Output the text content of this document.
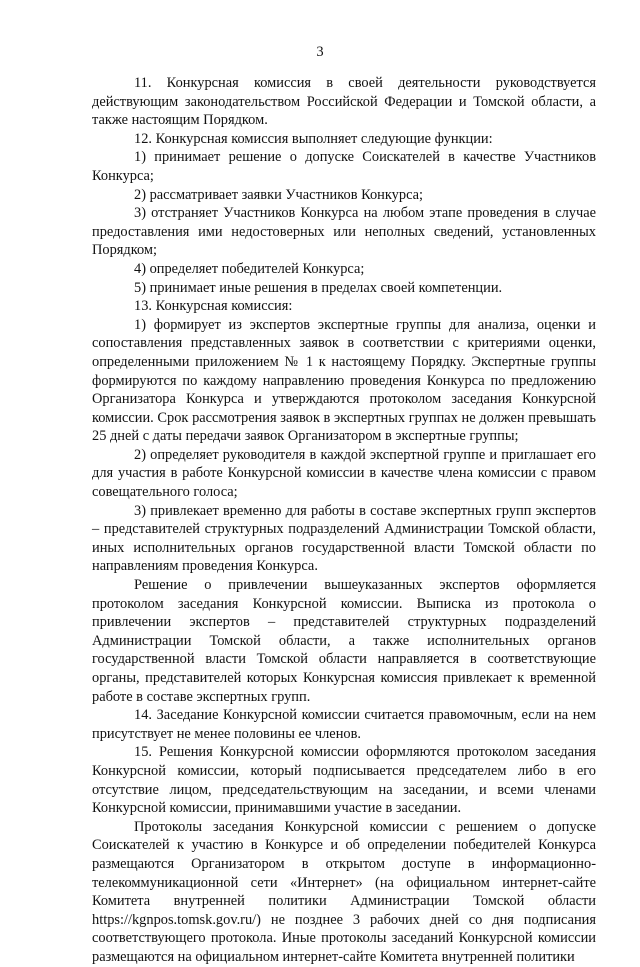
3

11. Конкурсная комиссия в своей деятельности руководствуется действующим законодательством Российской Федерации и Томской области, а также настоящим Порядком.

12. Конкурсная комиссия выполняет следующие функции:

1) принимает решение о допуске Соискателей в качестве Участников Конкурса;

2) рассматривает заявки Участников Конкурса;

3) отстраняет Участников Конкурса на любом этапе проведения в случае предоставления ими недостоверных или неполных сведений, установленных Порядком;

4) определяет победителей Конкурса;

5) принимает иные решения в пределах своей компетенции.

13. Конкурсная комиссия:

1) формирует из экспертов экспертные группы для анализа, оценки и сопоставления представленных заявок в соответствии с критериями оценки, определенными приложением № 1 к настоящему Порядку. Экспертные группы формируются по каждому направлению проведения Конкурса по предложению Организатора Конкурса и утверждаются протоколом заседания Конкурсной комиссии. Срок рассмотрения заявок в экспертных группах не должен превышать 25 дней с даты передачи заявок Организатором в экспертные группы;

2) определяет руководителя в каждой экспертной группе и приглашает его для участия в работе Конкурсной комиссии в качестве члена комиссии с правом совещательного голоса;

3) привлекает временно для работы в составе экспертных групп экспертов – представителей структурных подразделений Администрации Томской области, иных исполнительных органов государственной власти Томской области по направлениям проведения Конкурса.

Решение о привлечении вышеуказанных экспертов оформляется протоколом заседания Конкурсной комиссии. Выписка из протокола о привлечении экспертов – представителей структурных подразделений Администрации Томской области, а также исполнительных органов государственной власти Томской области направляется в соответствующие органы, представителей которых Конкурсная комиссия привлекает к временной работе в составе экспертных групп.

14. Заседание Конкурсной комиссии считается правомочным, если на нем присутствует не менее половины ее членов.

15. Решения Конкурсной комиссии оформляются протоколом заседания Конкурсной комиссии, который подписывается председателем либо в его отсутствие лицом, председательствующим на заседании, и всеми членами Конкурсной комиссии, принимавшими участие в заседании.

Протоколы заседания Конкурсной комиссии с решением о допуске Соискателей к участию в Конкурсе и об определении победителей Конкурса размещаются Организатором в открытом доступе в информационно-телекоммуникационной сети «Интернет» (на официальном интернет-сайте Комитета внутренней политики Администрации Томской области https://kgnpos.tomsk.gov.ru/) не позднее 3 рабочих дней со дня подписания соответствующего протокола. Иные протоколы заседаний Конкурсной комиссии размещаются на официальном интернет-сайте Комитета внутренней политики
